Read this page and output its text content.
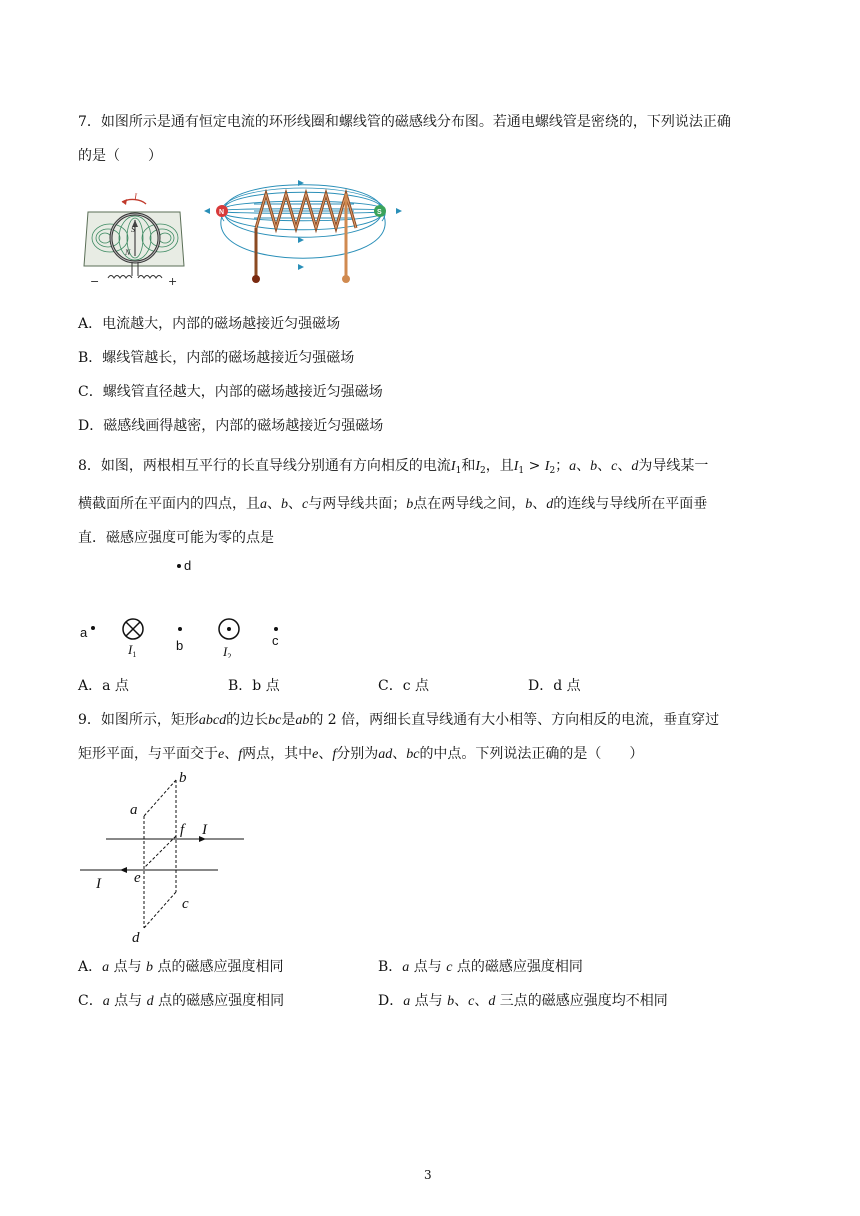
7．如图所示是通有恒定电流的环形线圈和螺线管的磁感线分布图。若通电螺线管是密绕的，下列说法正确
的是（　　）
I
S
N
−	+
N	S
A．电流越大，内部的磁场越接近匀强磁场
B．螺线管越长，内部的磁场越接近匀强磁场
C．螺线管直径越大，内部的磁场越接近匀强磁场
D．磁感线画得越密，内部的磁场越接近匀强磁场
8．如图，两根相互平行的长直导线分别通有方向相反的电流$I_1$和$I_2$，且$I_1 > I_2$；a、b、c、d为导线某一
横截面所在平面内的四点，且a、b、c与两导线共面；b点在两导线之间，b、d的连线与导线所在平面垂
直．磁感应强度可能为零的点是
d
a
$I_1$
b	$I_2$
c
A．a 点	B．b 点	C．c 点	D．d 点
9．如图所示，矩形abcd的边长bc是ab的 2 倍，两细长直导线通有大小相等、方向相反的电流，垂直穿过
矩形平面，与平面交于e、f两点，其中e、f分别为ad、bc的中点。下列说法正确的是（　　）
b
a
f I
e
I
c
d
A．a 点与 b 点的磁感应强度相同	B．a 点与 c 点的磁感应强度相同
C．a 点与 d 点的磁感应强度相同	D．a 点与 b、c、d 三点的磁感应强度均不相同
3
